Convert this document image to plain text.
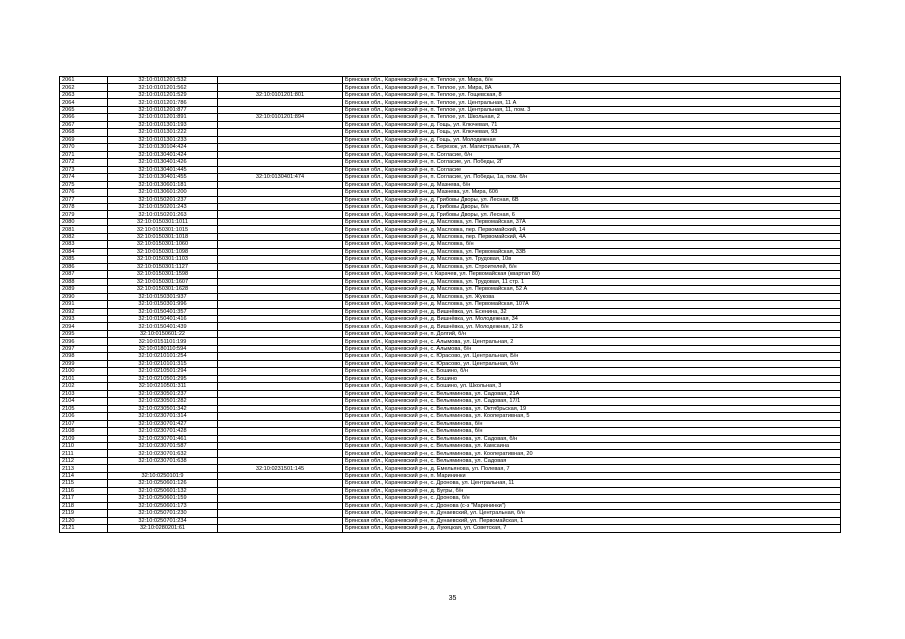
2061	32:10:0101201:532		Брянская обл., Карачевский р-н, п. Теплое, ул. Мира, б/н
2062	32:10:0101201:562		Брянская обл., Карачевский р-н, п. Теплое, ул. Мира, 8А
2063	32:10:0101201:529	32:10:0101201:801	Брянская обл., Карачевский р-н, п. Теплое, ул. Гощевская, 8
2064	32:10:0101201:786		Брянская обл., Карачевский р-н, п. Теплое, ул. Центральная, 11 А
2065	32:10:0101201:877		Брянская обл., Карачевский р-н, п. Теплое, ул. Центральная, 11, пом. 3
2066	32:10:0101201:891	32:10:0101201:894	Брянская обл., Карачевский р-н, п. Теплое, ул. Школьная, 2
2067	32:10:0101301:193		Брянская обл., Карачевский р-н, д. Гощь, ул. Ключевая, 71
2068	32:10:0101301:222		Брянская обл., Карачевский р-н, д. Гощь, ул. Ключевая, 93
2069	32:10:0101301:233		Брянская обл., Карачевский р-н, д. Гощь, ул. Молодежная
2070	32:10:0130104:424		Брянская обл., Карачевский р-н, с. Березок, ул. Магистральная, 7А
2071	32:10:0130401:424		Брянская обл., Карачевский р-н, п. Согласие, б/н
2072	32:10:0130401:426		Брянская обл., Карачевский р-н, п. Согласие, ул. Победы, 2Г
2073	32:10:0130401:445		Брянская обл., Карачевский р-н, п. Согласие
2074	32:10:0130401:455	32:10:0130401:474	Брянская обл., Карачевский р-н, п. Согласие, ул. Победы, 1а, пом. б/н
2075	32:10:0130601:181		Брянская обл., Карачевский р-н, д. Мазнева, б/н
2076	32:10:0130601:200		Брянская обл., Карачевский р-н, д. Мазнева, ул. Мира, 60б
2077	32:10:0150201:237		Брянская обл., Карачевский р-н, д. Грибовы Дворы, ул. Лесная, 6В
2078	32:10:0150201:243		Брянская обл., Карачевский р-н, д. Грибовы Дворы, б/н
2079	32:10:0150201:263		Брянская обл., Карачевский р-н, д. Грибовы Дворы, ул. Лесная, 6
2080	32:10:0150301:1011		Брянская обл., Карачевский р-н, д. Масловка, ул. Первомайская, 37А
2081	32:10:0150301:1015		Брянская обл., Карачевский р-н, д. Масловка, пер. Первомайский, 14
2082	32:10:0150301:1018		Брянская обл., Карачевский р-н, д. Масловка, пер. Первомайский, 4А
2083	32:10:0150301:1060		Брянская обл., Карачевский р-н, д. Масловка, б/н
2084	32:10:0150301:1098		Брянская обл., Карачевский р-н, д. Масловка, ул. Первомайская, 33В
2085	32:10:0150301:1103		Брянская обл., Карачевский р-н, д. Масловка, ул. Трудовая, 10в
2086	32:10:0150301:1127		Брянская обл., Карачевский р-н, д. Масловка, ул. Строителей, б/н
2087	32:10:0150301:1598		Брянская обл., Карачевский р-н, г. Карачев, ул. Первомайская (квартал 80)
2088	32:10:0150301:1607		Брянская обл., Карачевский р-н, д. Масловка, ул. Трудовая, 11 стр. 1
2089	32:10:0150301:1628		Брянская обл., Карачевский р-н, д. Масловка, ул. Первомайская, 52 А
2090	32:10:0150301:937		Брянская обл., Карачевский р-н, д. Масловка, ул. Жукова
2091	32:10:0150301:996		Брянская обл., Карачевский р-н, д. Масловка, ул. Первомайская, 107А
2092	32:10:0150401:357		Брянская обл., Карачевский р-н, д. Вишнёвка, ул. Есенина, 32
2093	32:10:0150401:416		Брянская обл., Карачевский р-н, д. Вишнёвка, ул. Молодежная, 34
2094	32:10:0150401:439		Брянская обл., Карачевский р-н, д. Вишнёвка, ул. Молодежная, 12 Б
2095	32:10:0150601:22		Брянская обл., Карачевский р-н, п. Долгий, б/н
2096	32:10:0151101:199		Брянская обл., Карачевский р-н, с. Алымова, ул. Центральная, 2
2097	32:10:0180110:594		Брянская обл., Карачевский р-н, с. Алымова, б/н
2098	32:10:0210101:254		Брянская обл., Карачевский р-н, с. Юрасово, ул. Центральная, Б/н
2099	32:10:0210101:315		Брянская обл., Карачевский р-н, с. Юрасово, ул. Центральная, б/н
2100	32:10:0210501:294		Брянская обл., Карачевский р-н, с. Бошино, б/н
2101	32:10:0210501:295		Брянская обл., Карачевский р-н, с. Бошино
2102	32:10:0210501:311		Брянская обл., Карачевский р-н, с. Бошино, ул. Школьная, 3
2103	32:10:0230501:237		Брянская обл., Карачевский р-н, с. Вельяминова, ул. Садовая, 21А
2104	32:10:0230501:282		Брянская обл., Карачевский р-н, с. Вельяминова, ул. Садовая, 17/1
2105	32:10:0230501:342		Брянская обл., Карачевский р-н, с. Вельяминова, ул. Октябрьская, 19
2106	32:10:0230701:314		Брянская обл., Карачевский р-н, с. Вельяминова, ул. Кооперативная, 5
2107	32:10:0230701:427		Брянская обл., Карачевский р-н, с. Вельяминова, б/н
2108	32:10:0230701:428		Брянская обл., Карачевский р-н, с. Вельяминова, б/н
2109	32:10:0230701:461		Брянская обл., Карачевский р-н, с. Вельяминова, ул. Садовая, б/н
2110	32:10:0230701:587		Брянская обл., Карачевский р-н, с. Вельяминова, ул. Камсаина
2111	32:10:0230701:632		Брянская обл., Карачевский р-н, с. Вельяминова, ул. Кооперативная, 20
2112	32:10:0230701:638		Брянская обл., Карачевский р-н, с. Вельяминова, ул. Садовая
2113		32:10:0231501:145	Брянская обл., Карачевский р-н, д. Емельянова, ул. Полевая, 7
2114	32:10:0250101:9		Брянская обл., Карачевский р-н, п. Марининки
2115	32:10:0250601:126		Брянская обл., Карачевский р-н, с. Дронова, ул. Центральная, 11
2116	32:10:0250601:132		Брянская обл., Карачевский р-н, д. Бугры, б/н
2117	32:10:0250601:159		Брянская обл., Карачевский р-н, с. Дронова, б/н
2118	32:10:0250601:173		Брянская обл., Карачевский р-н, с. Дронова (с-з "Марининки")
2119	32:10:0250701:230		Брянская обл., Карачевский р-н, п. Дунаевский, ул. Центральная, б/н
2120	32:10:0250701:234		Брянская обл., Карачевский р-н, п. Дунаевский, ул. Первомайская, 1
2121	32:10:0280201:61		Брянская обл., Карачевский р-н, д. Лукецкая, ул. Советская, 7
35
